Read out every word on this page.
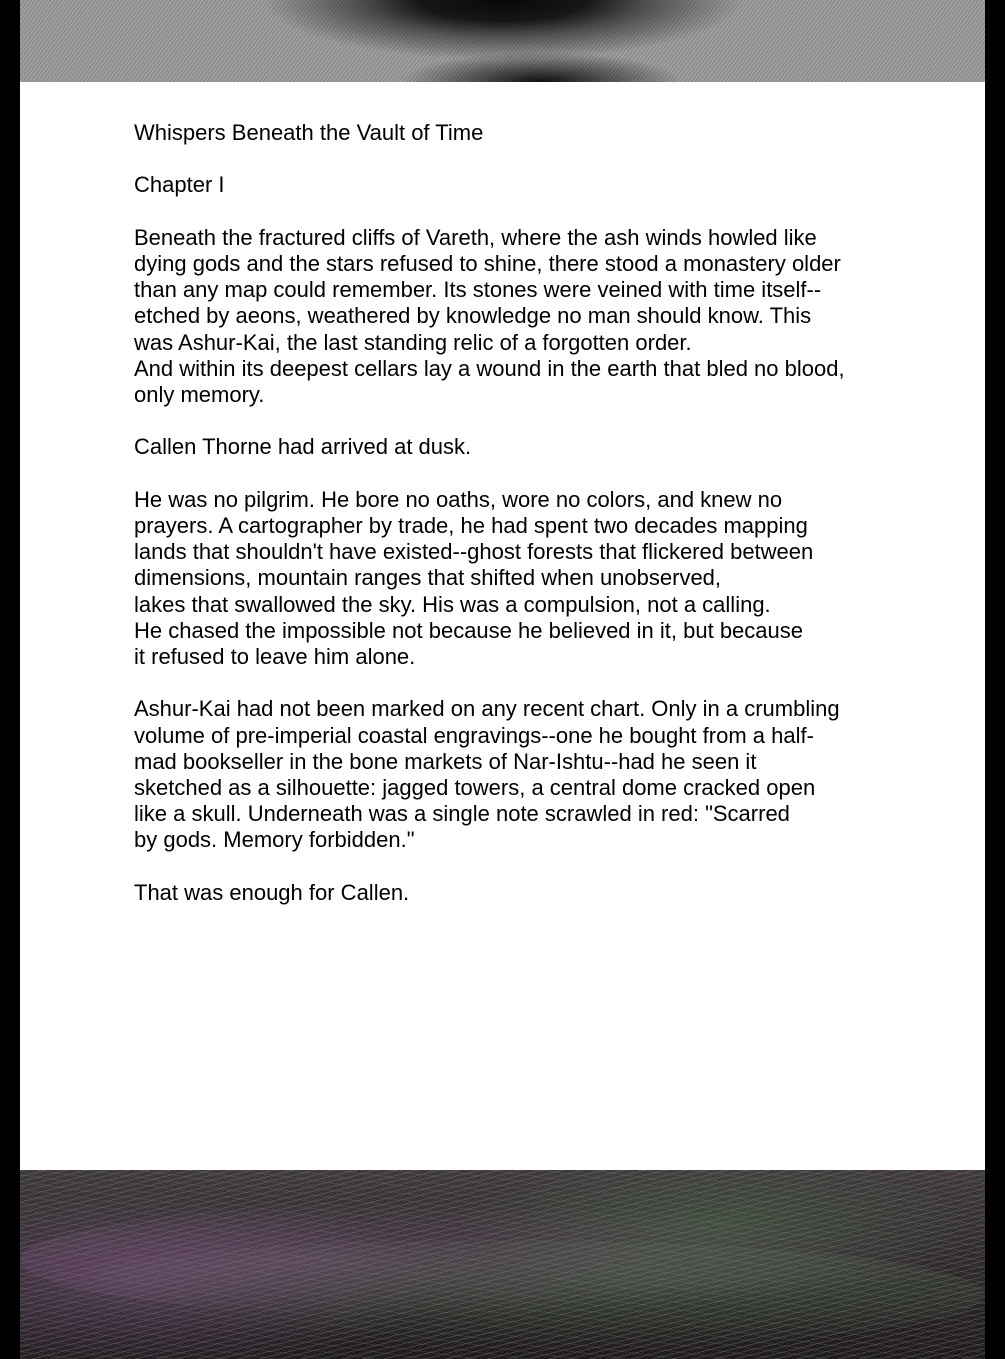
Whispers Beneath the Vault of Time

Chapter I

Beneath the fractured cliffs of Vareth, where the ash winds howled like
dying gods and the stars refused to shine, there stood a monastery older
than any map could remember. Its stones were veined with time itself--
etched by aeons, weathered by knowledge no man should know. This
was Ashur-Kai, the last standing relic of a forgotten order.
And within its deepest cellars lay a wound in the earth that bled no blood,
only memory.

Callen Thorne had arrived at dusk.

He was no pilgrim. He bore no oaths, wore no colors, and knew no
prayers. A cartographer by trade, he had spent two decades mapping
lands that shouldn't have existed--ghost forests that flickered between
dimensions, mountain ranges that shifted when unobserved,
lakes that swallowed the sky. His was a compulsion, not a calling.
He chased the impossible not because he believed in it, but because
it refused to leave him alone.

Ashur-Kai had not been marked on any recent chart. Only in a crumbling
volume of pre-imperial coastal engravings--one he bought from a half-
mad bookseller in the bone markets of Nar-Ishtu--had he seen it
sketched as a silhouette: jagged towers, a central dome cracked open
like a skull. Underneath was a single note scrawled in red: "Scarred
by gods. Memory forbidden."

That was enough for Callen.
